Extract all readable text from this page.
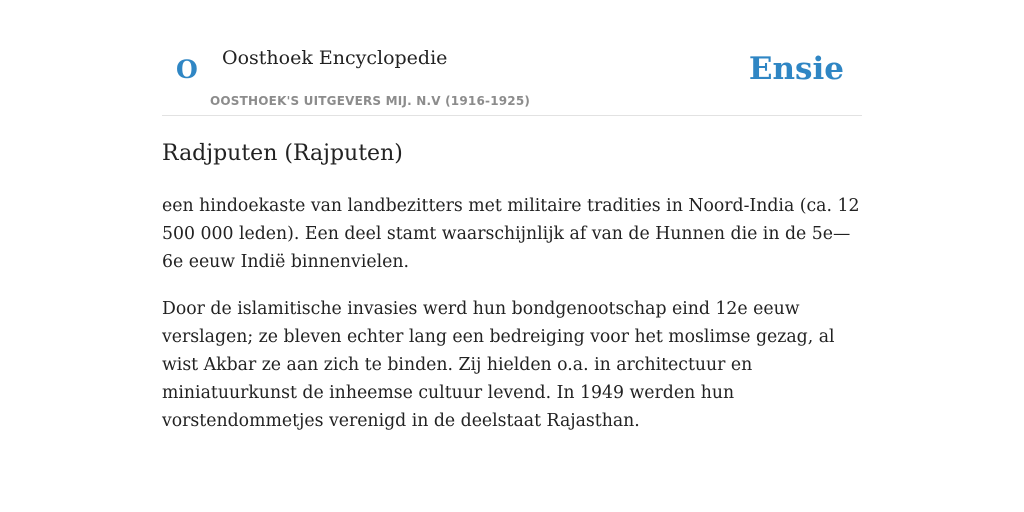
O Oosthoek Encyclopedie
OOSTHOEK'S UITGEVERS MIJ. N.V (1916-1925)
Ensie
Radjputen (Rajputen)

een hindoekaste van landbezitters met militaire tradities in Noord-India (ca. 12 500 000 leden). Een deel stamt waarschijnlijk af van de Hunnen die in de 5e—6e eeuw Indië binnenvielen.

Door de islamitische invasies werd hun bondgenootschap eind 12e eeuw verslagen; ze bleven echter lang een bedreiging voor het moslimse gezag, al wist Akbar ze aan zich te binden. Zij hielden o.a. in architectuur en miniatuurkunst de inheemse cultuur levend. In 1949 werden hun vorstendommetjes verenigd in de deelstaat Rajasthan.
